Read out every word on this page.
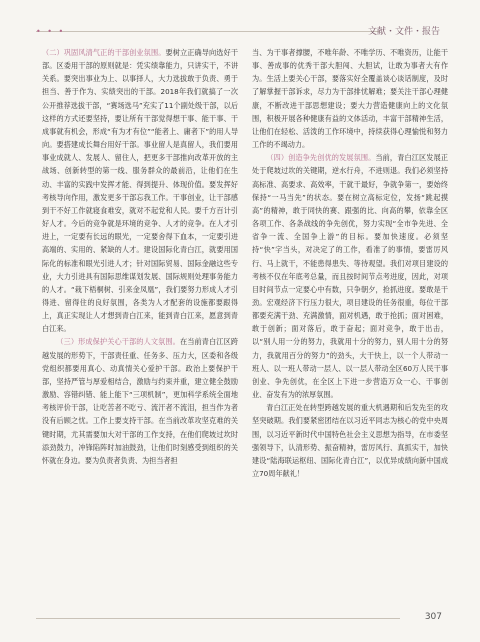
• • •	文献・文件・报告

（二）巩固风清气正的干部创业氛围。要树立正确导向选好干部。区委用干部的原则就是：凭实绩靠能力，只讲实干，不讲关系。要突出事业为上、以事择人，大力选拔敢于负责、勇于担当、善于作为、实绩突出的干部。2018年我们就搞了一次公开推荐选拔干部，“赛场选马”充实了11个副处级干部，以后这样的方式还要坚持，要让所有干部觉得想干事、能干事、干成事就有机会，形成“有为才有位”“能者上、庸者下”的用人导向。要搭建成长舞台用好干部。事业留人是真留人，我们要用事业成就人、发展人、留住人，把更多干部推向改革开放的主战场、创新转型的第一线、服务群众的最前沿，让他们在生动、丰富的实践中发挥才能、得到提升、体现价值。要发挥好考核导向作用，激发更多干部忘我工作。干事创业，让干部感到干不好工作就寝食难安，就对不起党和人民。要千方百计引好人才。今后的竞争就是环境的竞争、人才的竞争。在人才引进上，一定要有长远的眼光，一定要舍得下血本，一定要引进高端的、实用的、紧缺的人才。建设国际化青白江，就要用国际化的标准和眼光引进人才；针对国际贸易、国际金融这些专业，大力引进具有国际思维谋划发展、国际规则处理事务能力的人才。“栽下梧桐树、引来金凤凰”，我们要努力形成人才引得进、留得住的良好氛围，各类为人才配套的设施都要跟得上，真正实现让人才想到青白江来，能到青白江来，愿意到青白江来。

（三）形成保护关心干部的人文氛围。在当前青白江区跨越发展的形势下，干部责任重、任务多、压力大，区委和各级党组织都要用真心、动真情关心爱护干部。政治上要保护干部，坚持严管与厚爱相结合，激励与约束并重，建立健全鼓励激励、容错纠错、能上能下“三项机制”，更加科学系统全面地考核评价干部，让吃苦者不吃亏、流汗者不流泪，担当作为者没有后顾之忧。工作上要支持干部。在当前改革攻坚克难的关键时期，尤其需要加大对干部的工作支持，在他们爬坡过坎时添劲鼓力，冲锋陷阵时加油鼓劲，让他们时刻感受到组织的关怀就在身边。要为负责者负责、为担当者担

当、为干事者撑腰，不唯年龄、不唯学历、不唯资历，让能干事、善成事的优秀干部大胆闯、大胆试，让敢为事者大有作为。生活上要关心干部，要落实好全覆盖谈心谈话制度，及时了解掌握干部诉求，尽力为干部排忧解难；要关注干部心理健康，不断改进干部思想建设；要大力营造健康向上的文化氛围，积极开展各种健康有益的文体活动，丰富干部精神生活，让他们在轻松、活泼的工作环境中，持续获得心理愉悦和努力工作的不竭动力。

（四）创造争先创优的发展氛围。当前，青白江区发展正处于爬坡过坎的关键期，逆水行舟，不进则退。我们必须坚持高标准、高要求、高效率，干就干最好，争就争第一，要始终保持“一马当先”的状态。要在树立高标定位，发扬“跳起摸高”的精神，敢于同快的赛、跟强的比、向高的攀，依靠全区各项工作、各条战线的争先创优，努力实现“全市争先进、全省争一流、全国争上游”的目标。要加快速度。必须坚持“快”字当头，对决定了的工作，看准了的事情，要雷厉风行、马上就干，不能患得患失、等待观望。我们对项目建设的考核不仅在年底考总量，而且按时间节点考进度，因此，对项目时间节点一定要心中有数，只争朝夕，抢抓进度。要敢是干劲。宏观经济下行压力很大，项目建设的任务很重，每位干部都要充满干劲、充满激情，面对机遇，敢于抢抓；面对困难，敢于创新；面对落后，敢于奋起；面对竞争，敢于出击，以“别人用一分的努力，我就用十分的努力，别人用十分的努力，我就用百分的努力”的劲头，大干快上，以一个人带动一班人、以一班人带动一层人、以一层人带动全区60万人民干事创业、争先创优，在全区上下进一步营造万众一心、干事创业、奋发有为的浓厚氛围。

青白江正处在转型跨越发展的重大机遇期和后发先至的攻坚突破期。我们要紧密团结在以习近平同志为核心的党中央周围，以习近平新时代中国特色社会主义思想为指导，在市委坚强领导下，认清形势、振奋精神，雷厉风行、真抓实干，加快建设“陆海联运枢纽、国际化青白江”，以优异成绩向新中国成立70周年献礼！

307
